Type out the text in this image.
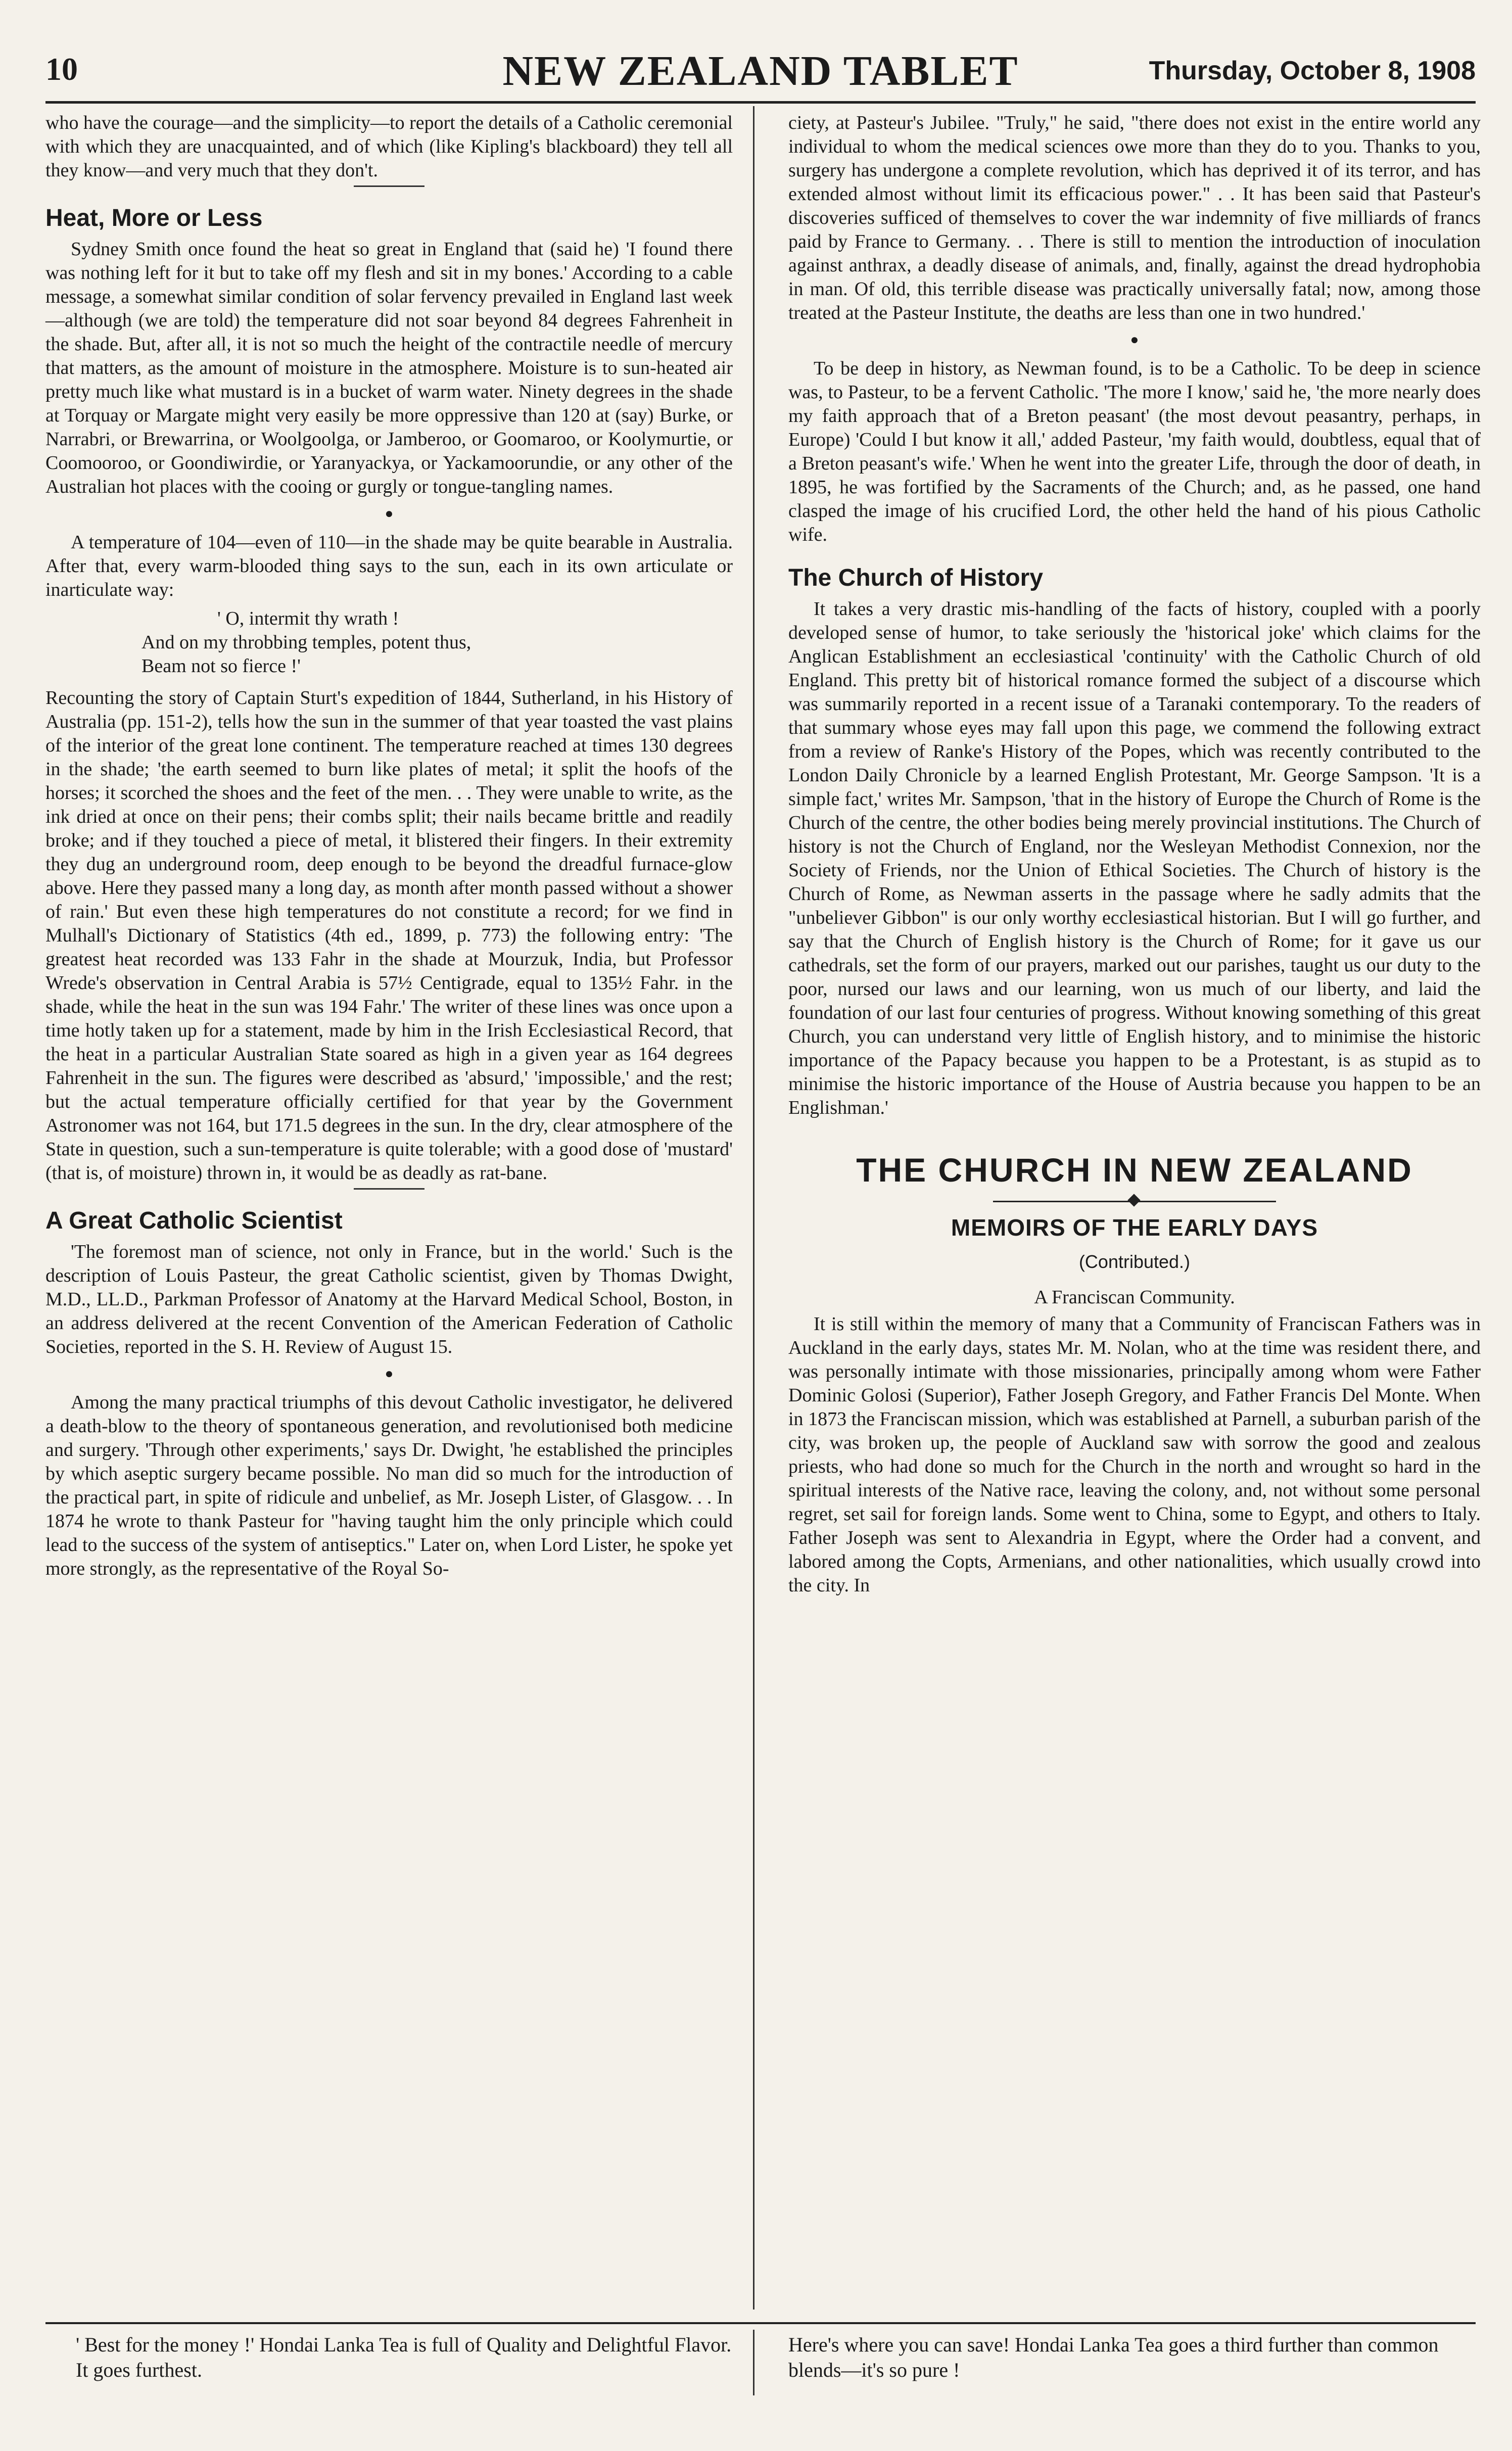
10	NEW ZEALAND TABLET	Thursday, October 8, 1908

who have the courage—and the simplicity—to report the details of a Catholic ceremonial with which they are unacquainted, and of which (like Kipling's blackboard) they tell all they know—and very much that they don't.

Heat, More or Less

Sydney Smith once found the heat so great in England that (said he) 'I found there was nothing left for it but to take off my flesh and sit in my bones.' According to a cable message, a somewhat similar condition of solar fervency prevailed in England last week—although (we are told) the temperature did not soar beyond 84 degrees Fahrenheit in the shade. But, after all, it is not so much the height of the contractile needle of mercury that matters, as the amount of moisture in the atmosphere. Moisture is to sun-heated air pretty much like what mustard is in a bucket of warm water. Ninety degrees in the shade at Torquay or Margate might very easily be more oppressive than 120 at (say) Burke, or Narrabri, or Brewarrina, or Woolgoolga, or Jamberoo, or Goomaroo, or Koolymurtie, or Coomooroo, or Goondiwirdie, or Yaranyackya, or Yackamoorundie, or any other of the Australian hot places with the cooing or gurgly or tongue-tangling names.

●

A temperature of 104—even of 110—in the shade may be quite bearable in Australia. After that, every warm-blooded thing says to the sun, each in its own articulate or inarticulate way:

' O, intermit thy wrath !
And on my throbbing temples, potent thus,
Beam not so fierce !'

Recounting the story of Captain Sturt's expedition of 1844, Sutherland, in his History of Australia (pp. 151-2), tells how the sun in the summer of that year toasted the vast plains of the interior of the great lone continent. The temperature reached at times 130 degrees in the shade; 'the earth seemed to burn like plates of metal; it split the hoofs of the horses; it scorched the shoes and the feet of the men. . . They were unable to write, as the ink dried at once on their pens; their combs split; their nails became brittle and readily broke; and if they touched a piece of metal, it blistered their fingers. In their extremity they dug an underground room, deep enough to be beyond the dreadful furnace-glow above. Here they passed many a long day, as month after month passed without a shower of rain.' But even these high temperatures do not constitute a record; for we find in Mulhall's Dictionary of Statistics (4th ed., 1899, p. 773) the following entry: 'The greatest heat recorded was 133 Fahr in the shade at Mourzuk, India, but Professor Wrede's observation in Central Arabia is 57½ Centigrade, equal to 135½ Fahr. in the shade, while the heat in the sun was 194 Fahr.' The writer of these lines was once upon a time hotly taken up for a statement, made by him in the Irish Ecclesiastical Record, that the heat in a particular Australian State soared as high in a given year as 164 degrees Fahrenheit in the sun. The figures were described as 'absurd,' 'impossible,' and the rest; but the actual temperature officially certified for that year by the Government Astronomer was not 164, but 171.5 degrees in the sun. In the dry, clear atmosphere of the State in question, such a sun-temperature is quite tolerable; with a good dose of 'mustard' (that is, of moisture) thrown in, it would be as deadly as rat-bane.

A Great Catholic Scientist

'The foremost man of science, not only in France, but in the world.' Such is the description of Louis Pasteur, the great Catholic scientist, given by Thomas Dwight, M.D., LL.D., Parkman Professor of Anatomy at the Harvard Medical School, Boston, in an address delivered at the recent Convention of the American Federation of Catholic Societies, reported in the S. H. Review of August 15.

●

Among the many practical triumphs of this devout Catholic investigator, he delivered a death-blow to the theory of spontaneous generation, and revolutionised both medicine and surgery. 'Through other experiments,' says Dr. Dwight, 'he established the principles by which aseptic surgery became possible. No man did so much for the introduction of the practical part, in spite of ridicule and unbelief, as Mr. Joseph Lister, of Glasgow. . . In 1874 he wrote to thank Pasteur for "having taught him the only principle which could lead to the success of the system of antiseptics." Later on, when Lord Lister, he spoke yet more strongly, as the representative of the Royal So-

ciety, at Pasteur's Jubilee. "Truly," he said, "there does not exist in the entire world any individual to whom the medical sciences owe more than they do to you. Thanks to you, surgery has undergone a complete revolution, which has deprived it of its terror, and has extended almost without limit its efficacious power." . . It has been said that Pasteur's discoveries sufficed of themselves to cover the war indemnity of five milliards of francs paid by France to Germany. . . There is still to mention the introduction of inoculation against anthrax, a deadly disease of animals, and, finally, against the dread hydrophobia in man. Of old, this terrible disease was practically universally fatal; now, among those treated at the Pasteur Institute, the deaths are less than one in two hundred.'

●

To be deep in history, as Newman found, is to be a Catholic. To be deep in science was, to Pasteur, to be a fervent Catholic. 'The more I know,' said he, 'the more nearly does my faith approach that of a Breton peasant' (the most devout peasantry, perhaps, in Europe) 'Could I but know it all,' added Pasteur, 'my faith would, doubtless, equal that of a Breton peasant's wife.' When he went into the greater Life, through the door of death, in 1895, he was fortified by the Sacraments of the Church; and, as he passed, one hand clasped the image of his crucified Lord, the other held the hand of his pious Catholic wife.

The Church of History

It takes a very drastic mis-handling of the facts of history, coupled with a poorly developed sense of humor, to take seriously the 'historical joke' which claims for the Anglican Establishment an ecclesiastical 'continuity' with the Catholic Church of old England. This pretty bit of historical romance formed the subject of a discourse which was summarily reported in a recent issue of a Taranaki contemporary. To the readers of that summary whose eyes may fall upon this page, we commend the following extract from a review of Ranke's History of the Popes, which was recently contributed to the London Daily Chronicle by a learned English Protestant, Mr. George Sampson. 'It is a simple fact,' writes Mr. Sampson, 'that in the history of Europe the Church of Rome is the Church of the centre, the other bodies being merely provincial institutions. The Church of history is not the Church of England, nor the Wesleyan Methodist Connexion, nor the Society of Friends, nor the Union of Ethical Societies. The Church of history is the Church of Rome, as Newman asserts in the passage where he sadly admits that the "unbeliever Gibbon" is our only worthy ecclesiastical historian. But I will go further, and say that the Church of English history is the Church of Rome; for it gave us our cathedrals, set the form of our prayers, marked out our parishes, taught us our duty to the poor, nursed our laws and our learning, won us much of our liberty, and laid the foundation of our last four centuries of progress. Without knowing something of this great Church, you can understand very little of English history, and to minimise the historic importance of the Papacy because you happen to be a Protestant, is as stupid as to minimise the historic importance of the House of Austria because you happen to be an Englishman.'

THE CHURCH IN NEW ZEALAND
MEMOIRS OF THE EARLY DAYS
(Contributed.)

A Franciscan Community.

It is still within the memory of many that a Community of Franciscan Fathers was in Auckland in the early days, states Mr. M. Nolan, who at the time was resident there, and was personally intimate with those missionaries, principally among whom were Father Dominic Golosi (Superior), Father Joseph Gregory, and Father Francis Del Monte. When in 1873 the Franciscan mission, which was established at Parnell, a suburban parish of the city, was broken up, the people of Auckland saw with sorrow the good and zealous priests, who had done so much for the Church in the north and wrought so hard in the spiritual interests of the Native race, leaving the colony, and, not without some personal regret, set sail for foreign lands. Some went to China, some to Egypt, and others to Italy. Father Joseph was sent to Alexandria in Egypt, where the Order had a convent, and labored among the Copts, Armenians, and other nationalities, which usually crowd into the city. In

' Best for the money !' Hondai Lanka Tea is full of Quality and Delightful Flavor. It goes furthest.
Here's where you can save! Hondai Lanka Tea goes a third further than common blends—it's so pure !
